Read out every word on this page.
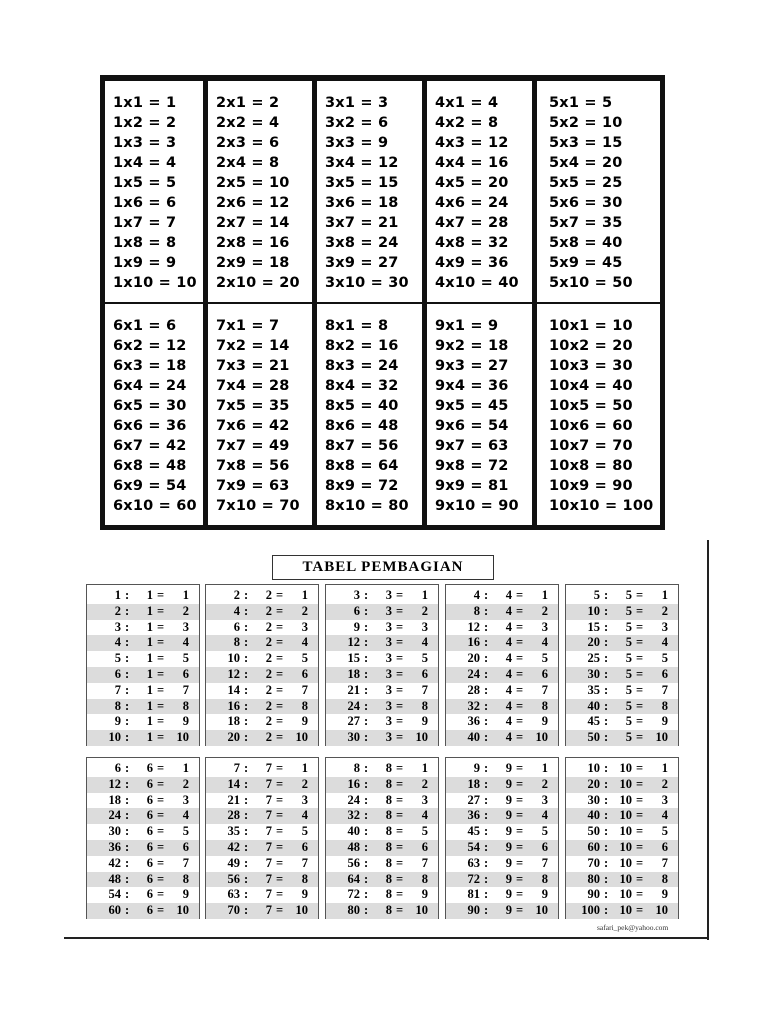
1x1 = 1
1x2 = 2
1x3 = 3
1x4 = 4
1x5 = 5
1x6 = 6
1x7 = 7
1x8 = 8
1x9 = 9
1x10 = 10
2x1 = 2
2x2 = 4
2x3 = 6
2x4 = 8
2x5 = 10
2x6 = 12
2x7 = 14
2x8 = 16
2x9 = 18
2x10 = 20
3x1 = 3
3x2 = 6
3x3 = 9
3x4 = 12
3x5 = 15
3x6 = 18
3x7 = 21
3x8 = 24
3x9 = 27
3x10 = 30
4x1 = 4
4x2 = 8
4x3 = 12
4x4 = 16
4x5 = 20
4x6 = 24
4x7 = 28
4x8 = 32
4x9 = 36
4x10 = 40
5x1 = 5
5x2 = 10
5x3 = 15
5x4 = 20
5x5 = 25
5x6 = 30
5x7 = 35
5x8 = 40
5x9 = 45
5x10 = 50
6x1 = 6
6x2 = 12
6x3 = 18
6x4 = 24
6x5 = 30
6x6 = 36
6x7 = 42
6x8 = 48
6x9 = 54
6x10 = 60
7x1 = 7
7x2 = 14
7x3 = 21
7x4 = 28
7x5 = 35
7x6 = 42
7x7 = 49
7x8 = 56
7x9 = 63
7x10 = 70
8x1 = 8
8x2 = 16
8x3 = 24
8x4 = 32
8x5 = 40
8x6 = 48
8x7 = 56
8x8 = 64
8x9 = 72
8x10 = 80
9x1 = 9
9x2 = 18
9x3 = 27
9x4 = 36
9x5 = 45
9x6 = 54
9x7 = 63
9x8 = 72
9x9 = 81
9x10 = 90
10x1 = 10
10x2 = 20
10x3 = 30
10x4 = 40
10x5 = 50
10x6 = 60
10x7 = 70
10x8 = 80
10x9 = 90
10x10 = 100
TABEL PEMBAGIAN
1 :	1 =	1
2 :	1 =	2
3 :	1 =	3
4 :	1 =	4
5 :	1 =	5
6 :	1 =	6
7 :	1 =	7
8 :	1 =	8
9 :	1 =	9
10 :	1 = 10
2 :	2 =	1
4 :	2 =	2
6 :	2 =	3
8 :	2 =	4
10 :	2 =	5
12 :	2 =	6
14 :	2 =	7
16 :	2 =	8
18 :	2 =	9
20 :	2 = 10
3 :	3 =	1
6 :	3 =	2
9 :	3 =	3
12 :	3 =	4
15 :	3 =	5
18 :	3 =	6
21 :	3 =	7
24 :	3 =	8
27 :	3 =	9
30 :	3 = 10
4 :	4 =	1
8 :	4 =	2
12 :	4 =	3
16 :	4 =	4
20 :	4 =	5
24 :	4 =	6
28 :	4 =	7
32 :	4 =	8
36 :	4 =	9
40 :	4 = 10
5 :	5 =	1
10 :	5 =	2
15 :	5 =	3
20 :	5 =	4
25 :	5 =	5
30 :	5 =	6
35 :	5 =	7
40 :	5 =	8
45 :	5 =	9
50 :	5 = 10
6 :	6 =	1
12 :	6 =	2
18 :	6 =	3
24 :	6 =	4
30 :	6 =	5
36 :	6 =	6
42 :	6 =	7
48 :	6 =	8
54 :	6 =	9
60 :	6 = 10
7 :	7 =	1
14 :	7 =	2
21 :	7 =	3
28 :	7 =	4
35 :	7 =	5
42 :	7 =	6
49 :	7 =	7
56 :	7 =	8
63 :	7 =	9
70 :	7 = 10
8 :	8 =	1
16 :	8 =	2
24 :	8 =	3
32 :	8 =	4
40 :	8 =	5
48 :	8 =	6
56 :	8 =	7
64 :	8 =	8
72 :	8 =	9
80 :	8 = 10
9 :	9 =	1
18 :	9 =	2
27 :	9 =	3
36 :	9 =	4
45 :	9 =	5
54 :	9 =	6
63 :	9 =	7
72 :	9 =	8
81 :	9 =	9
90 :	9 = 10
10 : 10 =	1
20 : 10 =	2
30 : 10 =	3
40 : 10 =	4
50 : 10 =	5
60 : 10 =	6
70 : 10 =	7
80 : 10 =	8
90 : 10 =	9
100 : 10 = 10
safari_pek@yahoo.com
